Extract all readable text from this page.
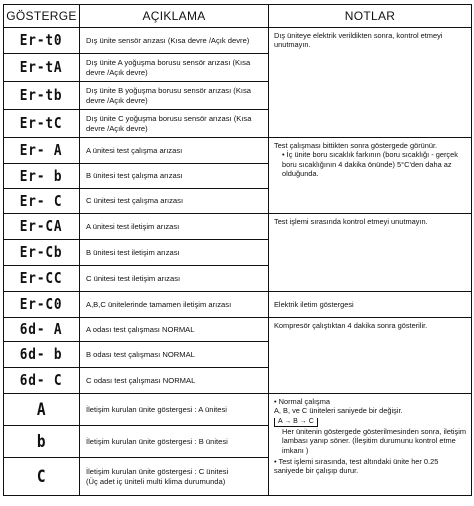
GÖSTERGE	AÇIKLAMA	NOTLAR
Er-t0	Dış ünite sensör arızası (Kısa devre /Açık devre)	Dış üniteye elektrik verildikten sonra, kontrol etmeyi unutmayın.
Er-tA	Dış ünite A yoğuşma borusu sensör arızası (Kısa devre /Açık devre)	
Er-tb	Dış ünite B yoğuşma borusu sensör arızası (Kısa devre /Açık devre)	
Er-tC	Dış ünite C yoğuşma borusu sensör arızası (Kısa devre /Açık devre)	
Er- A	A ünitesi test çalışma arızası	Test çalışması bittikten sonra göstergede görünür.
• İç ünite boru sıcaklık farkının (boru sıcaklığı - gerçek boru sıcaklığının 4 dakika önünde) 5°C'den daha az olduğunda.

Er- b	B ünitesi test çalışma arızası	
Er- C	C ünitesi test çalışma arızası	
Er-CA	A ünitesi test iletişim arızası	Test işlemi sırasında kontrol etmeyi unutmayın.
Er-Cb	B ünitesi test iletişim arızası	
Er-CC	C ünitesi test iletişim arızası	
Er-C0	A,B,C ünitelerinde tamamen iletişim arızası	Elektrik iletim göstergesi
6d- A	A odası test çalışması NORMAL	Kompresör çalıştıktan 4 dakika sonra gösterilir.
6d- b	B odası test çalışması NORMAL	
6d- C	C odası test çalışması NORMAL	
A	İletişim kurulan ünite göstergesi : A ünitesi	• Normal çalışma
A, B, ve C üniteleri saniyede bir değişir.
A → B → C
Her ünitenin göstergede gösterilmesinden sonra, iletişim lambası yanıp söner. (İleşitim durumunu kontrol etme imkanı )
• Test işlemi sırasında, test altındaki ünite her 0.25 saniyede bir çalışıp durur.

b	İletişim kurulan ünite göstergesi : B ünitesi	
C	İletişim kurulan ünite göstergesi : C ünitesi
(Üç adet iç üniteli multi klima durumunda)	
